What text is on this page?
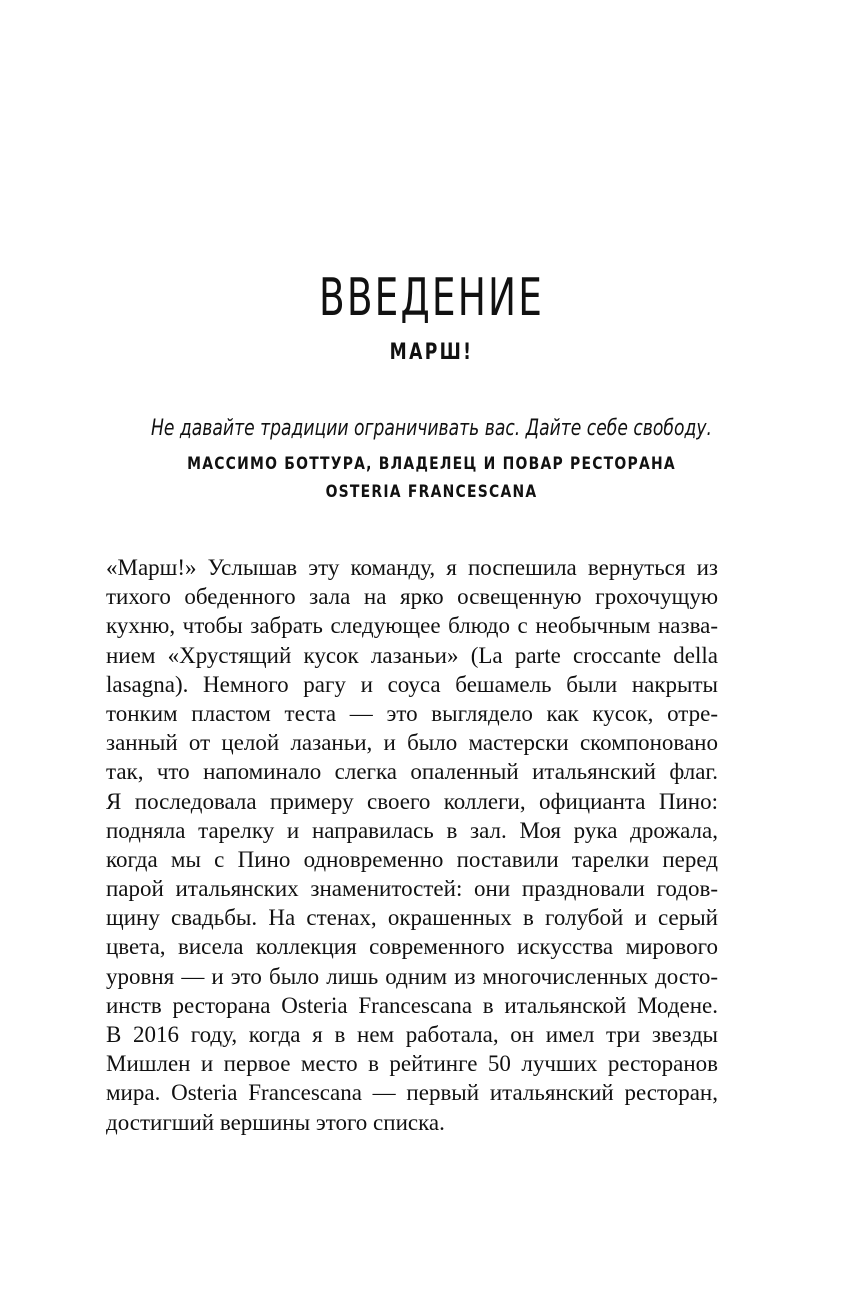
ВВЕДЕНИЕ
МАРШ!

Не давайте традиции ограничивать вас. Дайте себе свободу.

МАССИМО БОТТУРА, ВЛАДЕЛЕЦ И ПОВАР РЕСТОРАНА
OSTERIA FRANCESCANA

«Марш!» Услышав эту команду, я поспешила вернуться из
тихого обеденного зала на ярко освещенную грохочущую
кухню, чтобы забрать следующее блюдо с необычным назва-
нием «Хрустящий кусок лазаньи» (La parte croccante della
lasagna). Немного рагу и соуса бешамель были накрыты
тонким пластом теста — это выглядело как кусок, отре-
занный от целой лазаньи, и было мастерски скомпоновано
так, что напоминало слегка опаленный итальянский флаг.
Я последовала примеру своего коллеги, официанта Пино:
подняла тарелку и направилась в зал. Моя рука дрожала,
когда мы с Пино одновременно поставили тарелки перед
парой итальянских знаменитостей: они праздновали годов-
щину свадьбы. На стенах, окрашенных в голубой и серый
цвета, висела коллекция современного искусства мирового
уровня — и это было лишь одним из многочисленных досто-
инств ресторана Osteria Francescana в итальянской Модене.
В 2016 году, когда я в нем работала, он имел три звезды
Мишлен и первое место в рейтинге 50 лучших ресторанов
мира. Osteria Francescana — первый итальянский ресторан,
достигший вершины этого списка.
